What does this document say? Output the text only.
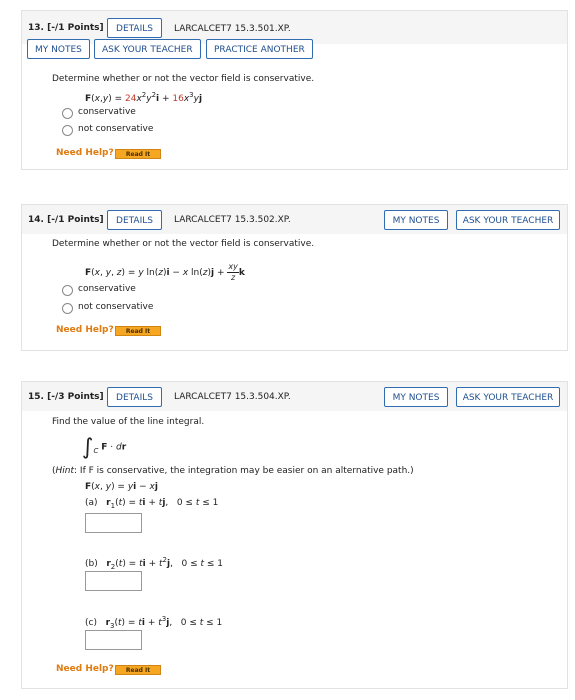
13. [-/1 Points]	DETAILS	LARCALCET7 15.3.501.XP.
MY NOTES	ASK YOUR TEACHER	PRACTICE ANOTHER
Determine whether or not the vector field is conservative.
$F(x,y) = 24x^2y^2i + 16x^3yj$
conservative
not conservative
Need Help?	Read It
14. [-/1 Points]	DETAILS	LARCALCET7 15.3.502.XP.	MY NOTES	ASK YOUR TEACHER
Determine whether or not the vector field is conservative.
F(x, y, z) = y ln(z)i − x $\ln(z)j + \frac{xy}{z}$ k
conservative
not conservative
Need Help?	Read It
15. [-/3 Points]	DETAILS	LARCALCET7 15.3.504.XP.	MY NOTES	ASK YOUR TEACHER
Find the value of the line integral.
$\int_C$ F · dr
(Hint: If F is conservative, the integration may be easier on an alternative path.)
F(x, y) = yi − xj
(a) $r_1(t)$ = ti + tj,   0 ≤ t ≤ 1
(b) $r_2(t)$ = ti + $t^2j$,   0 ≤ t ≤ 1
(c) $r_3(t)$ = ti + $t^3j$,   0 ≤ t ≤ 1
Need Help?	Read It
